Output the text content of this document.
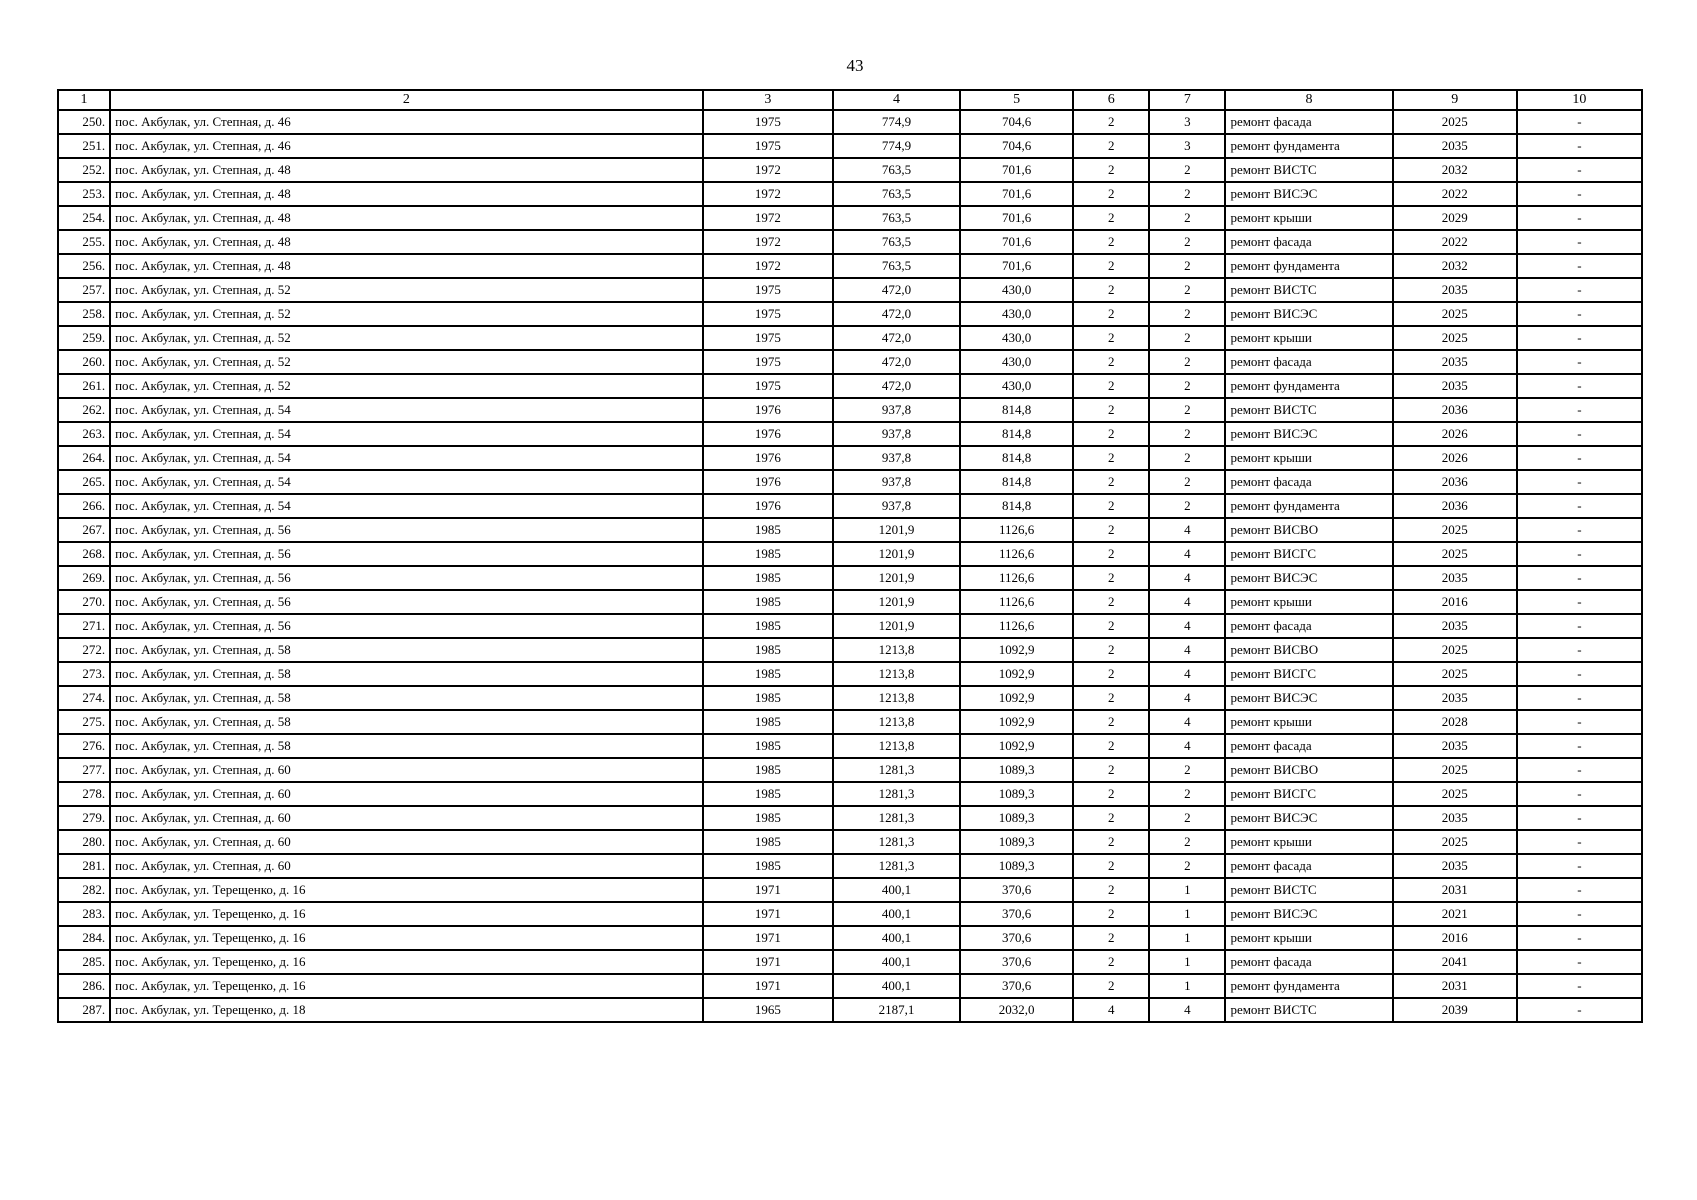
43
1	2	3	4	5	6	7	8	9	10
250.	пос. Акбулак, ул. Степная, д. 46	1975	774,9	704,6	2	3	ремонт фасада	2025	-
251.	пос. Акбулак, ул. Степная, д. 46	1975	774,9	704,6	2	3	ремонт фундамента	2035	-
252.	пос. Акбулак, ул. Степная, д. 48	1972	763,5	701,6	2	2	ремонт ВИСТС	2032	-
253.	пос. Акбулак, ул. Степная, д. 48	1972	763,5	701,6	2	2	ремонт ВИСЭС	2022	-
254.	пос. Акбулак, ул. Степная, д. 48	1972	763,5	701,6	2	2	ремонт крыши	2029	-
255.	пос. Акбулак, ул. Степная, д. 48	1972	763,5	701,6	2	2	ремонт фасада	2022	-
256.	пос. Акбулак, ул. Степная, д. 48	1972	763,5	701,6	2	2	ремонт фундамента	2032	-
257.	пос. Акбулак, ул. Степная, д. 52	1975	472,0	430,0	2	2	ремонт ВИСТС	2035	-
258.	пос. Акбулак, ул. Степная, д. 52	1975	472,0	430,0	2	2	ремонт ВИСЭС	2025	-
259.	пос. Акбулак, ул. Степная, д. 52	1975	472,0	430,0	2	2	ремонт крыши	2025	-
260.	пос. Акбулак, ул. Степная, д. 52	1975	472,0	430,0	2	2	ремонт фасада	2035	-
261.	пос. Акбулак, ул. Степная, д. 52	1975	472,0	430,0	2	2	ремонт фундамента	2035	-
262.	пос. Акбулак, ул. Степная, д. 54	1976	937,8	814,8	2	2	ремонт ВИСТС	2036	-
263.	пос. Акбулак, ул. Степная, д. 54	1976	937,8	814,8	2	2	ремонт ВИСЭС	2026	-
264.	пос. Акбулак, ул. Степная, д. 54	1976	937,8	814,8	2	2	ремонт крыши	2026	-
265.	пос. Акбулак, ул. Степная, д. 54	1976	937,8	814,8	2	2	ремонт фасада	2036	-
266.	пос. Акбулак, ул. Степная, д. 54	1976	937,8	814,8	2	2	ремонт фундамента	2036	-
267.	пос. Акбулак, ул. Степная, д. 56	1985	1201,9	1126,6	2	4	ремонт ВИСВО	2025	-
268.	пос. Акбулак, ул. Степная, д. 56	1985	1201,9	1126,6	2	4	ремонт ВИСГС	2025	-
269.	пос. Акбулак, ул. Степная, д. 56	1985	1201,9	1126,6	2	4	ремонт ВИСЭС	2035	-
270.	пос. Акбулак, ул. Степная, д. 56	1985	1201,9	1126,6	2	4	ремонт крыши	2016	-
271.	пос. Акбулак, ул. Степная, д. 56	1985	1201,9	1126,6	2	4	ремонт фасада	2035	-
272.	пос. Акбулак, ул. Степная, д. 58	1985	1213,8	1092,9	2	4	ремонт ВИСВО	2025	-
273.	пос. Акбулак, ул. Степная, д. 58	1985	1213,8	1092,9	2	4	ремонт ВИСГС	2025	-
274.	пос. Акбулак, ул. Степная, д. 58	1985	1213,8	1092,9	2	4	ремонт ВИСЭС	2035	-
275.	пос. Акбулак, ул. Степная, д. 58	1985	1213,8	1092,9	2	4	ремонт крыши	2028	-
276.	пос. Акбулак, ул. Степная, д. 58	1985	1213,8	1092,9	2	4	ремонт фасада	2035	-
277.	пос. Акбулак, ул. Степная, д. 60	1985	1281,3	1089,3	2	2	ремонт ВИСВО	2025	-
278.	пос. Акбулак, ул. Степная, д. 60	1985	1281,3	1089,3	2	2	ремонт ВИСГС	2025	-
279.	пос. Акбулак, ул. Степная, д. 60	1985	1281,3	1089,3	2	2	ремонт ВИСЭС	2035	-
280.	пос. Акбулак, ул. Степная, д. 60	1985	1281,3	1089,3	2	2	ремонт крыши	2025	-
281.	пос. Акбулак, ул. Степная, д. 60	1985	1281,3	1089,3	2	2	ремонт фасада	2035	-
282.	пос. Акбулак, ул. Терещенко, д. 16	1971	400,1	370,6	2	1	ремонт ВИСТС	2031	-
283.	пос. Акбулак, ул. Терещенко, д. 16	1971	400,1	370,6	2	1	ремонт ВИСЭС	2021	-
284.	пос. Акбулак, ул. Терещенко, д. 16	1971	400,1	370,6	2	1	ремонт крыши	2016	-
285.	пос. Акбулак, ул. Терещенко, д. 16	1971	400,1	370,6	2	1	ремонт фасада	2041	-
286.	пос. Акбулак, ул. Терещенко, д. 16	1971	400,1	370,6	2	1	ремонт фундамента	2031	-
287.	пос. Акбулак, ул. Терещенко, д. 18	1965	2187,1	2032,0	4	4	ремонт ВИСТС	2039	-
